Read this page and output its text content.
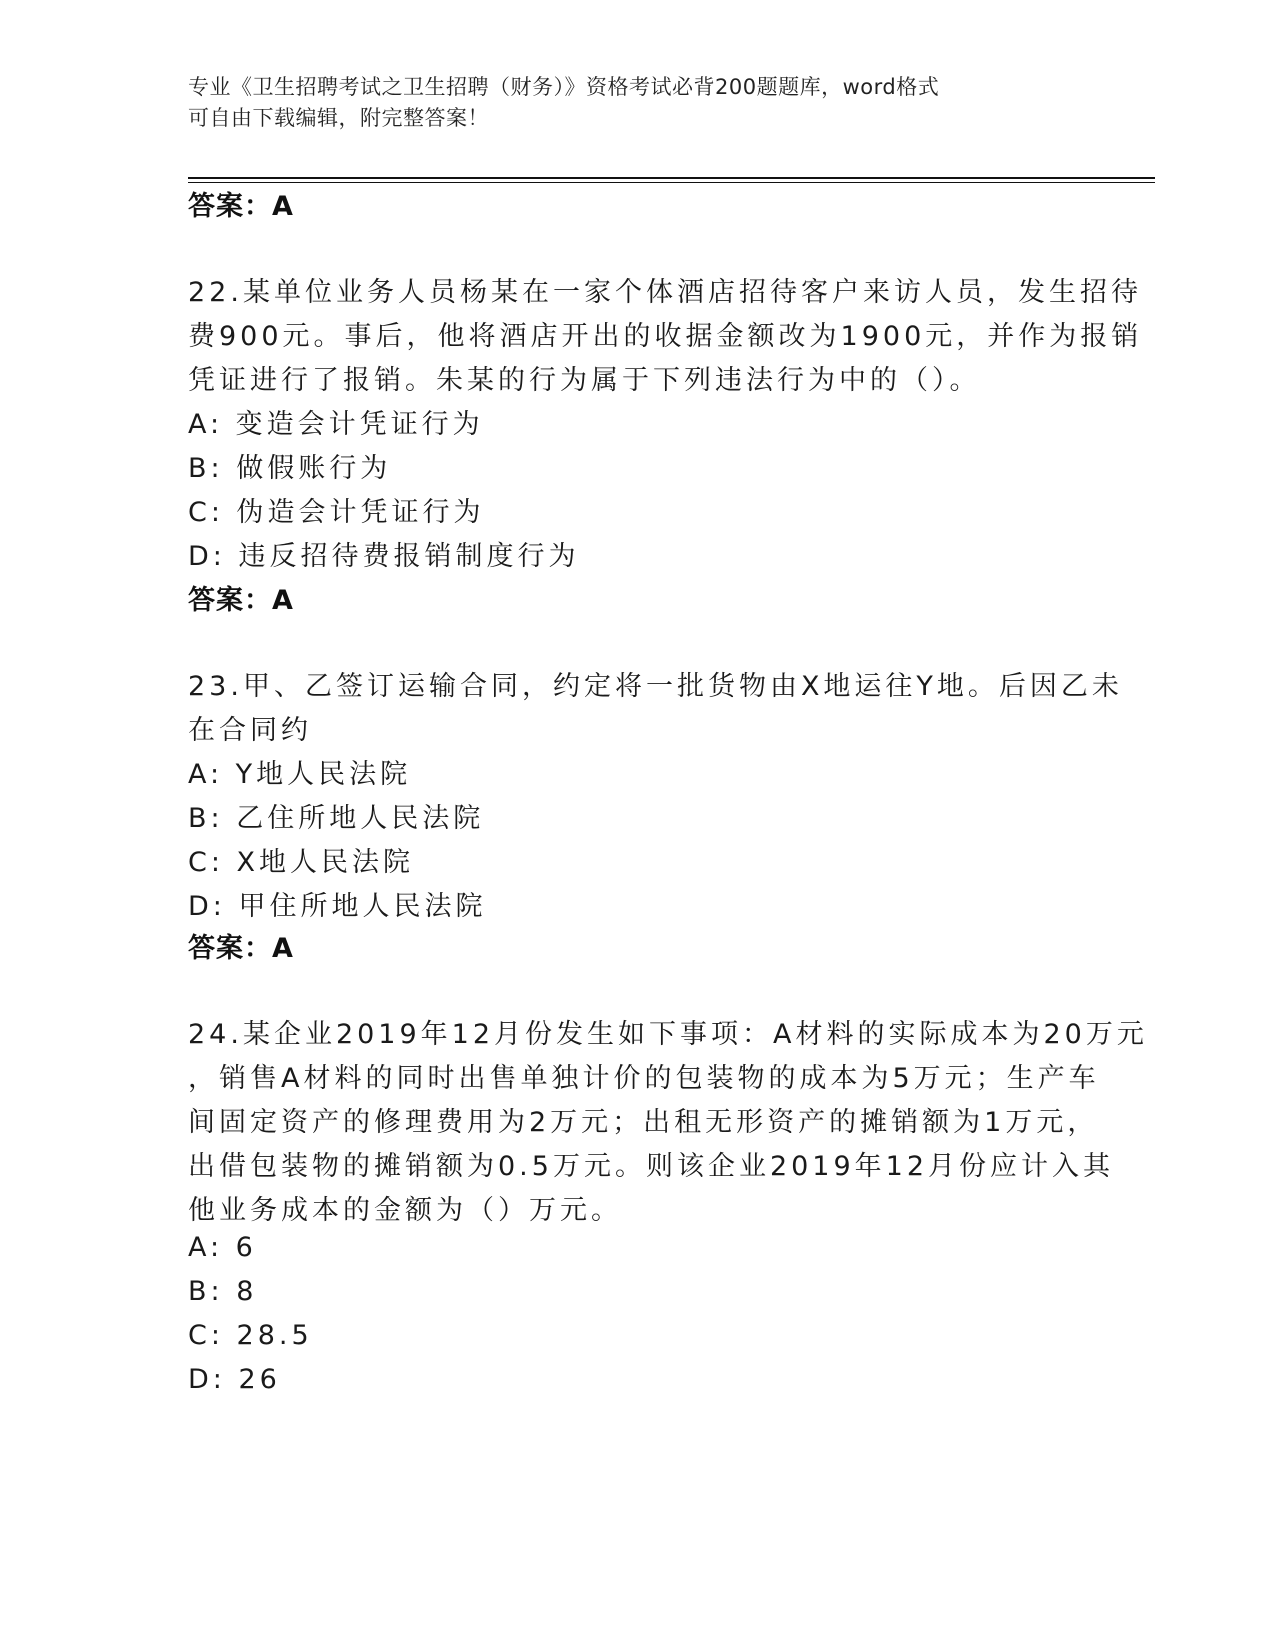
专业《卫生招聘考试之卫生招聘（财务）》资格考试必背200题题库，word格式
可自由下载编辑，附完整答案！
答案：A
22.某单位业务人员杨某在一家个体酒店招待客户来访人员，发生招待
费900元。事后，他将酒店开出的收据金额改为1900元，并作为报销
凭证进行了报销。朱某的行为属于下列违法行为中的（）。
A: 变造会计凭证行为
B: 做假账行为
C: 伪造会计凭证行为
D: 违反招待费报销制度行为
答案：A
23.甲、乙签订运输合同，约定将一批货物由X地运往Y地。后因乙未
在合同约
A: Y地人民法院
B: 乙住所地人民法院
C: X地人民法院
D: 甲住所地人民法院
答案：A
24.某企业2019年12月份发生如下事项：A材料的实际成本为20万元
，销售A材料的同时出售单独计价的包装物的成本为5万元；生产车
间固定资产的修理费用为2万元；出租无形资产的摊销额为1万元，
出借包装物的摊销额为0.5万元。则该企业2019年12月份应计入其
他业务成本的金额为（）万元。
A: 6
B: 8
C: 28.5
D: 26
